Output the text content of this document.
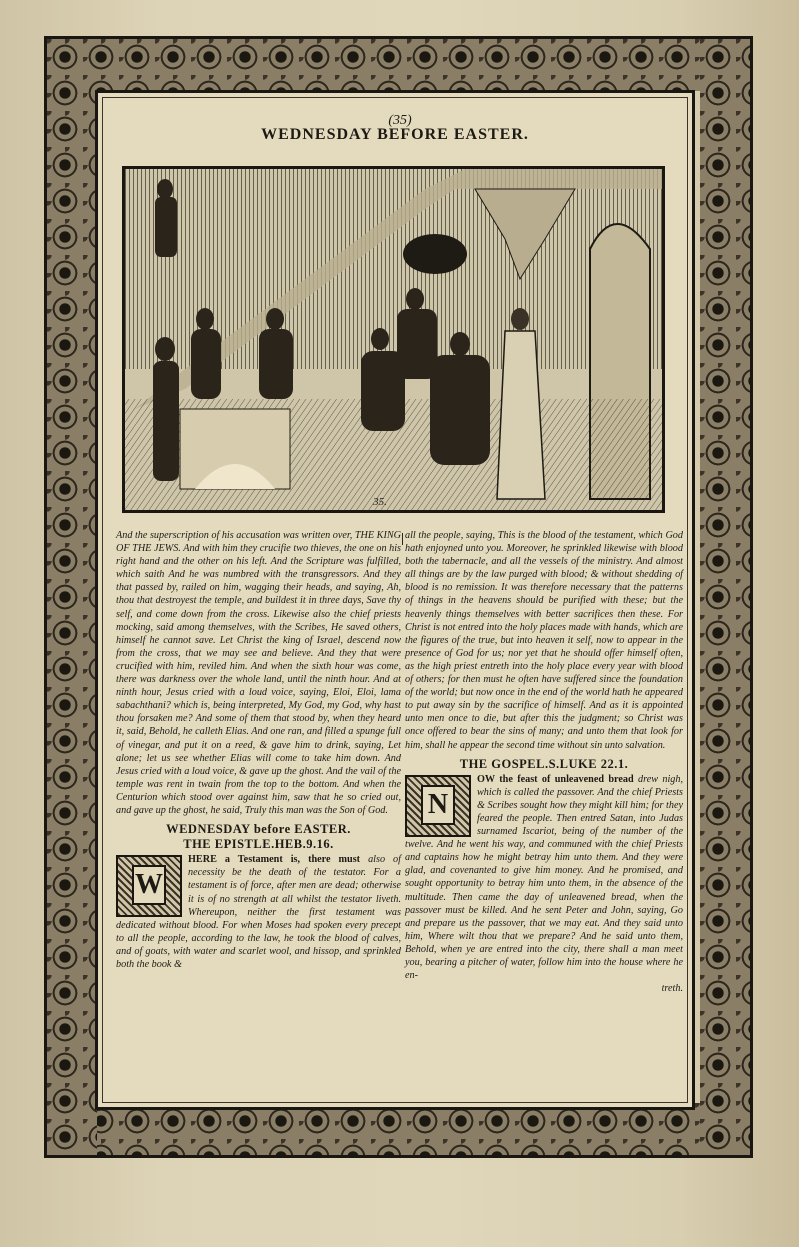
(35)
WEDNESDAY BEFORE EASTER.
35.
And the superscription of his accusation was written over, THE KING OF THE JEWS. And with him they crucifie two thieves, the one on his right hand and the other on his left. And the Scripture was fulfilled, which saith And he was numbred with the transgressors. And they that passed by, railed on him, wagging their heads, and saying, Ah, thou that destroyest the temple, and buildest it in three days, Save thy self, and come down from the cross. Likewise also the chief priests mocking, said among themselves, with the Scribes, He saved others, himself he cannot save. Let Christ the king of Israel, descend now from the cross, that we may see and believe. And they that were crucified with him, reviled him. And when the sixth hour was come, there was darkness over the whole land, until the ninth hour. And at ninth hour, Jesus cried with a loud voice, saying, Eloi, Eloi, lama sabachthani? which is, being interpreted, My God, my God, why hast thou forsaken me? And some of them that stood by, when they heard it, said, Behold, he calleth Elias. And one ran, and filled a spunge full of vinegar, and put it on a reed, & gave him to drink, saying, Let alone; let us see whether Elias will come to take him down. And Jesus cried with a loud voice, & gave up the ghost. And the vail of the temple was rent in twain from the top to the bottom. And when the Centurion which stood over against him, saw that he so cried out, and gave up the ghost, he said, Truly this man was the Son of God.
WEDNESDAY before EASTER.
THE EPISTLE.HEB.9.16.
W
HERE a Testament is, there must also of necessity be the death of the testator. For a testament is of force, after men are dead; otherwise it is of no strength at all whilst the testator liveth. Whereupon, neither the first testament was dedicated without blood. For when Moses had spoken every precept to all the people, according to the law, he took the blood of calves, and of goats, with water and scarlet wool, and hissop, and sprinkled both the book &
all the people, saying, This is the blood of the testament, which God hath enjoyned unto you. Moreover, he sprinkled likewise with blood both the tabernacle, and all the vessels of the ministry. And almost all things are by the law purged with blood; & without shedding of blood is no remission. It was therefore necessary that the patterns of things in the heavens should be purified with these; but the heavenly things themselves with better sacrifices then these. For Christ is not entred into the holy places made with hands, which are the figures of the true, but into heaven it self, now to appear in the presence of God for us; nor yet that he should offer himself often, as the high priest entreth into the holy place every year with blood of others; for then must he often have suffered since the foundation of the world; but now once in the end of the world hath he appeared to put away sin by the sacrifice of himself. And as it is appointed unto men once to die, but after this the judgment; so Christ was once offered to bear the sins of many; and unto them that look for him, shall he appear the second time without sin unto salvation.
THE GOSPEL.S.LUKE 22.1.
N
OW the feast of unleavened bread drew nigh, which is called the passover. And the chief Priests & Scribes sought how they might kill him; for they feared the people. Then entred Satan, into Judas surnamed Iscariot, being of the number of the twelve. And he went his way, and communed with the chief Priests and captains how he might betray him unto them. And they were glad, and covenanted to give him money. And he promised, and sought opportunity to betray him unto them, in the absence of the multitude. Then came the day of unleavened bread, when the passover must be killed. And he sent Peter and John, saying, Go and prepare us the passover, that we may eat. And they said unto him, Where wilt thou that we prepare? And he said unto them, Behold, when ye are entred into the city, there shall a man meet you, bearing a pitcher of water, follow him into the house where he en-
treth.
